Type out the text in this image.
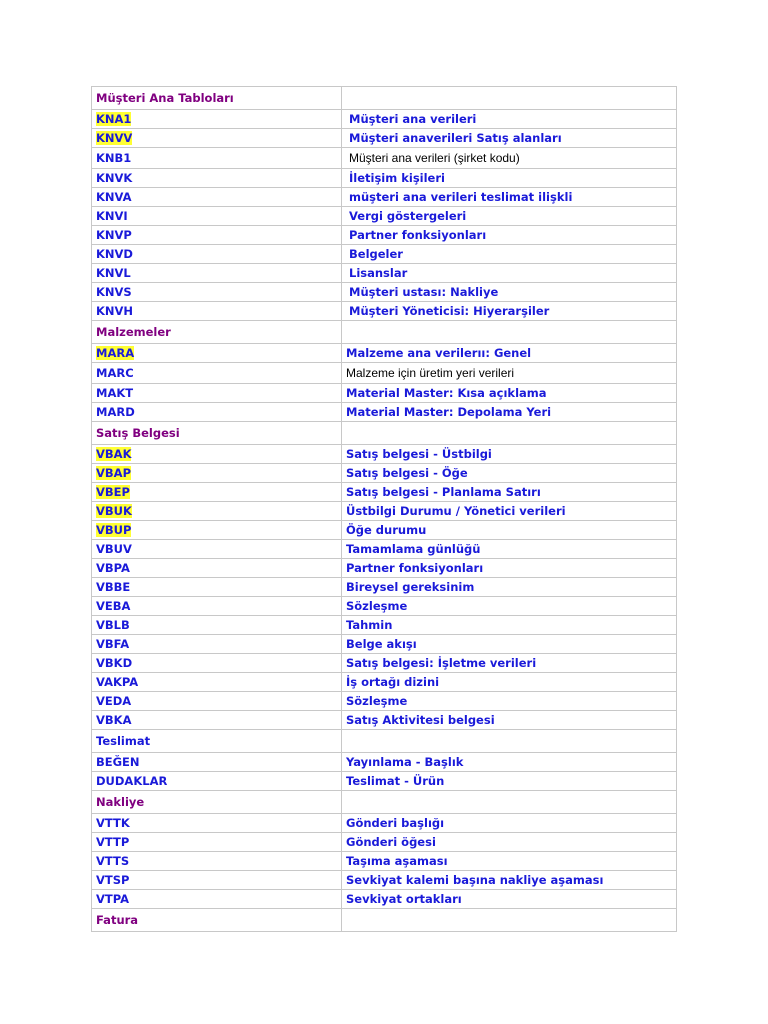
Müşteri Ana Tabloları	
KNA1	Müşteri ana verileri
KNVV	Müşteri anaverileri Satış alanları
KNB1	Müşteri ana verileri (şirket kodu)
KNVK	İletişim kişileri
KNVA	müşteri ana verileri teslimat ilişkli
KNVI	Vergi göstergeleri
KNVP	Partner fonksiyonları
KNVD	Belgeler
KNVL	Lisanslar
KNVS	Müşteri ustası: Nakliye
KNVH	Müşteri Yöneticisi: Hiyerarşiler
Malzemeler	
MARA	Malzeme ana verilerıı: Genel
MARC	Malzeme için üretim yeri verileri
MAKT	Material Master: Kısa açıklama
MARD	Material Master: Depolama Yeri
Satış Belgesi	
VBAK	Satış belgesi - Üstbilgi
VBAP	Satış belgesi - Öğe
VBEP	Satış belgesi - Planlama Satırı
VBUK	Üstbilgi Durumu / Yönetici verileri
VBUP	Öğe durumu
VBUV	Tamamlama günlüğü
VBPA	Partner fonksiyonları
VBBE	Bireysel gereksinim
VEBA	Sözleşme
VBLB	Tahmin
VBFA	Belge akışı
VBKD	Satış belgesi: İşletme verileri
VAKPA	İş ortağı dizini
VEDA	Sözleşme
VBKA	Satış Aktivitesi belgesi
Teslimat	
BEĞEN	Yayınlama - Başlık
DUDAKLAR	Teslimat - Ürün
Nakliye	
VTTK	Gönderi başlığı
VTTP	Gönderi öğesi
VTTS	Taşıma aşaması
VTSP	Sevkiyat kalemi başına nakliye aşaması
VTPA	Sevkiyat ortakları
Fatura	
